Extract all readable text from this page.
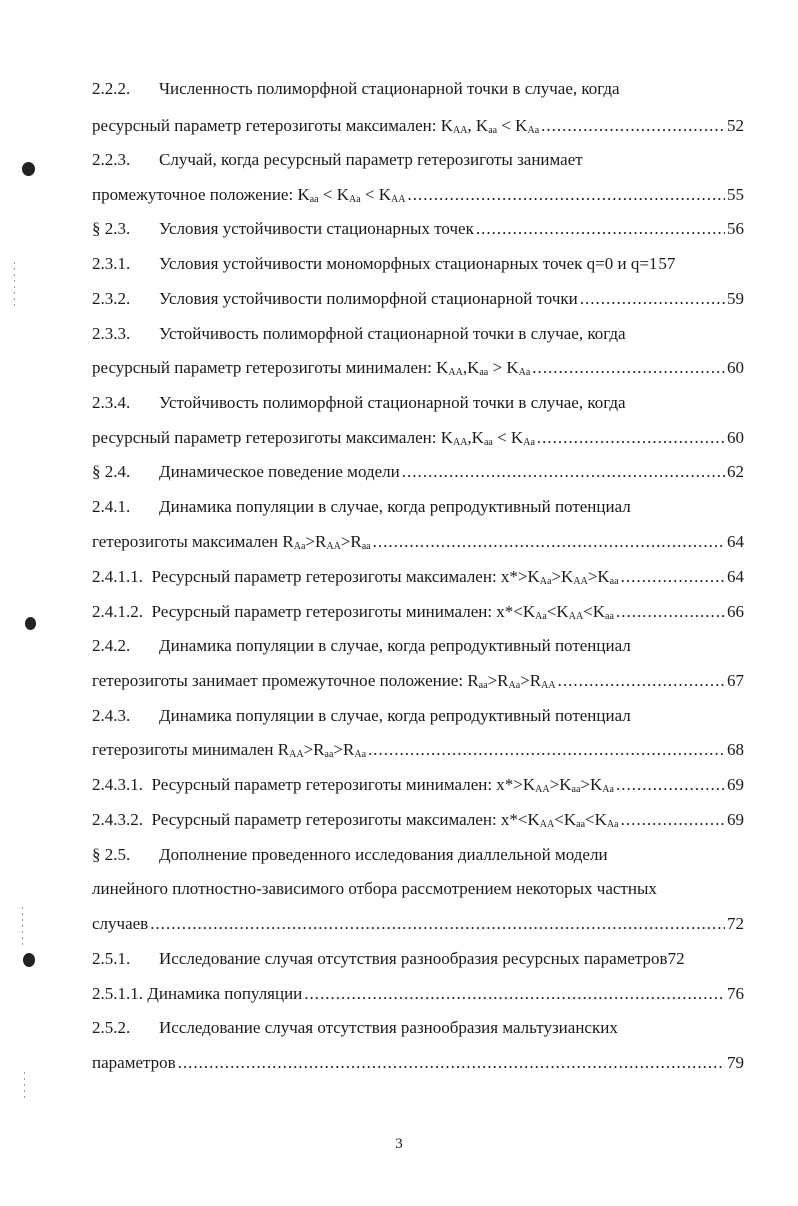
2.2.2. Численность полиморфной стационарной точки в случае, когда
ресурсный параметр гетерозиготы максимален: $K_{AA}$, $K_{aa} < K_{Aa}$ .....	52
2.2.3. Случай, когда ресурсный параметр гетерозиготы занимает
промежуточное положение: $K_{aa} < K_{Aa} < K_{AA}$ .....	55
§ 2.3. Условия устойчивости стационарных точек .....	56
2.3.1. Условия устойчивости мономорфных стационарных точек q=0 и q=1 57
2.3.2. Условия устойчивости полиморфной стационарной точки .....	59
2.3.3. Устойчивость полиморфной стационарной точки в случае, когда
ресурсный параметр гетерозиготы минимален: $K_{AA},K_{aa} > K_{Aa}$ .....	60
2.3.4. Устойчивость полиморфной стационарной точки в случае, когда
ресурсный параметр гетерозиготы максимален: $K_{AA},K_{aa} < K_{Aa}$ .....	60
§ 2.4. Динамическое поведение модели .....	62
2.4.1. Динамика популяции в случае, когда репродуктивный потенциал
гетерозиготы максимален $R_{Aa}>R_{AA}>R_{aa}$ .....	64
2.4.1.1. Ресурсный параметр гетерозиготы максимален: $x*>K_{Aa}>K_{AA}>K_{aa}$ .....	64
2.4.1.2. Ресурсный параметр гетерозиготы минимален: $x*<K_{Aa}<K_{AA}<K_{aa}$ .....	66
2.4.2. Динамика популяции в случае, когда репродуктивный потенциал
гетерозиготы занимает промежуточное положение: $R_{aa}>R_{Aa}>R_{AA}$ .....	67
2.4.3. Динамика популяции в случае, когда репродуктивный потенциал
гетерозиготы минимален $R_{AA}>R_{aa}>R_{Aa}$ .....	68
2.4.3.1. Ресурсный параметр гетерозиготы минимален: $x*>K_{AA}>K_{aa}>K_{Aa}$ .....	69
2.4.3.2. Ресурсный параметр гетерозиготы максимален: $x*<K_{AA}<K_{aa}<K_{Aa}$ .....	69
§ 2.5. Дополнение проведенного исследования диаллельной модели
линейного плотностно-зависимого отбора рассмотрением некоторых частных
случаев .....	72
2.5.1. Исследование случая отсутствия разнообразия ресурсных параметров 72
2.5.1.1. Динамика популяции .....	76
2.5.2. Исследование случая отсутствия разнообразия мальтузианских
параметров .....	79
3
